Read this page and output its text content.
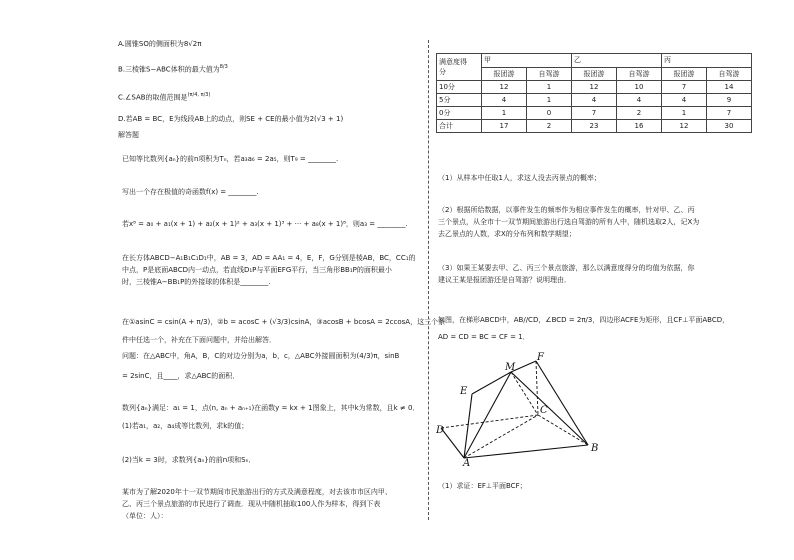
A.圆锥SO的侧面积为8√2π
B.三棱锥S−ABC体积的最大值为$^{8/3}$
C.∠SAB的取值范围是$^{(\pi/4, \pi/3)}$
D.若AB = BC，E为线段AB上的动点，则SE + CE的最小值为2(√3 + 1)
解答题
已知等比数列{aₙ}的前n项积为Tₙ，若a₃a₆ = 2a₅，则T₉ = ________.
写出一个存在极值的奇函数f(x) = ________.
若x⁸ = a₀ + a₁(x + 1) + a₂(x + 1)² + a₃(x + 1)³ + ··· + a₈(x + 1)⁸，则a₃ = ________.
在长方体ABCD−A₁B₁C₁D₁中，AB = 3，AD = AA₁ = 4，E，F，G分别是棱AB，BC，CC₁的
中点，P是底面ABCD内一动点，若直线D₁P与平面EFG平行，当三角形BB₁P的面积最小
时，三棱锥A−BB₁P的外接球的体积是________.
在①asinC = csin(A + π/3)，②b = acosC + (√3/3)csinA，③acosB + bcosA = 2ccosA，这三个条
件中任选一个，补充在下面问题中，并给出解答．
问题：在△ABC中，角A，B，C的对边分别为a，b，c，△ABC外接圆面积为(4/3)π，sinB
= 2sinC，且____，求△ABC的面积．
数列{aₙ}满足：a₁ = 1，点(n, aₙ + aₙ₊₁)在函数y = kx + 1图象上，其中k为常数，且k ≠ 0．
(1)若a₁，a₂，a₄成等比数列，求k的值；
(2)当k = 3时，求数列{aₙ}的前n项和Sₙ．
某市为了解2020年十一双节期间市民旅游出行的方式及满意程度，对去该市市区内甲、
乙、丙三个景点旅游的市民进行了调查．现从中随机抽取100人作为样本，得到下表
（单位：人）：
满意度得
分	甲		乙		丙	
	报团游	自驾游	报团游	自驾游	报团游	自驾游
10分	12	1	12	10	7	14
5分	4	1	4	4	4	9
0分	1	0	7	2	1	7
合计	17	2	23	16	12	30
（1）从样本中任取1人，求这人没去丙景点的概率；
（2）根据所给数据，以事件发生的频率作为相应事件发生的概率，针对甲、乙、丙
三个景点，从全市十一双节期间旅游出行选自驾游的所有人中，随机选取2人，记X为
去乙景点的人数，求X的分布列和数学期望；
（3）如果王某要去甲、乙、丙三个景点旅游，那么以满意度得分的均值为依据，你
建议王某是报团游还是自驾游？说明理由．
如图，在梯形ABCD中，AB//CD，∠BCD = 2π/3，四边形ACFE为矩形，且CF⊥平面ABCD，
AD = CD = BC = CF = 1．
A
B
C
D
E
F
M
（1）求证：EF⊥平面BCF；
